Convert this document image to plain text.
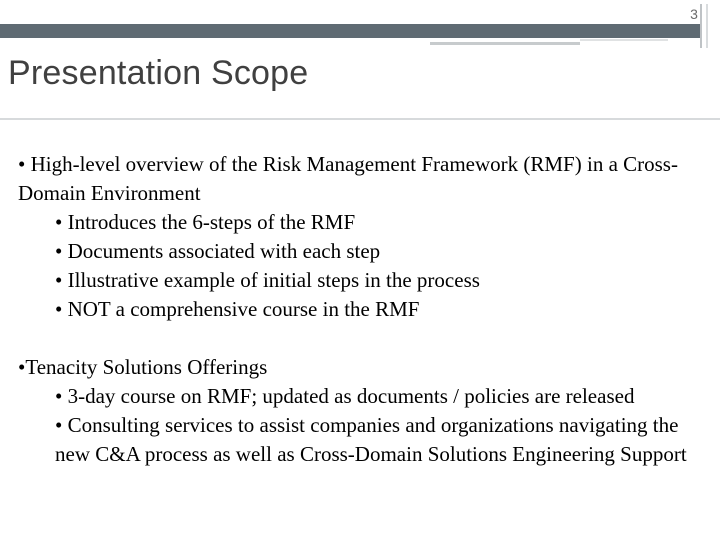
3
Presentation Scope

• High-level overview of the Risk Management Framework (RMF) in a Cross-Domain Environment

• Introduces the 6-steps of the RMF

• Documents associated with each step

• Illustrative example of initial steps in the process

• NOT a comprehensive course in the RMF

•Tenacity Solutions Offerings

• 3-day course on RMF; updated as documents / policies are released

• Consulting services to assist companies and organizations navigating the new C&A process as well as Cross-Domain Solutions Engineering Support
